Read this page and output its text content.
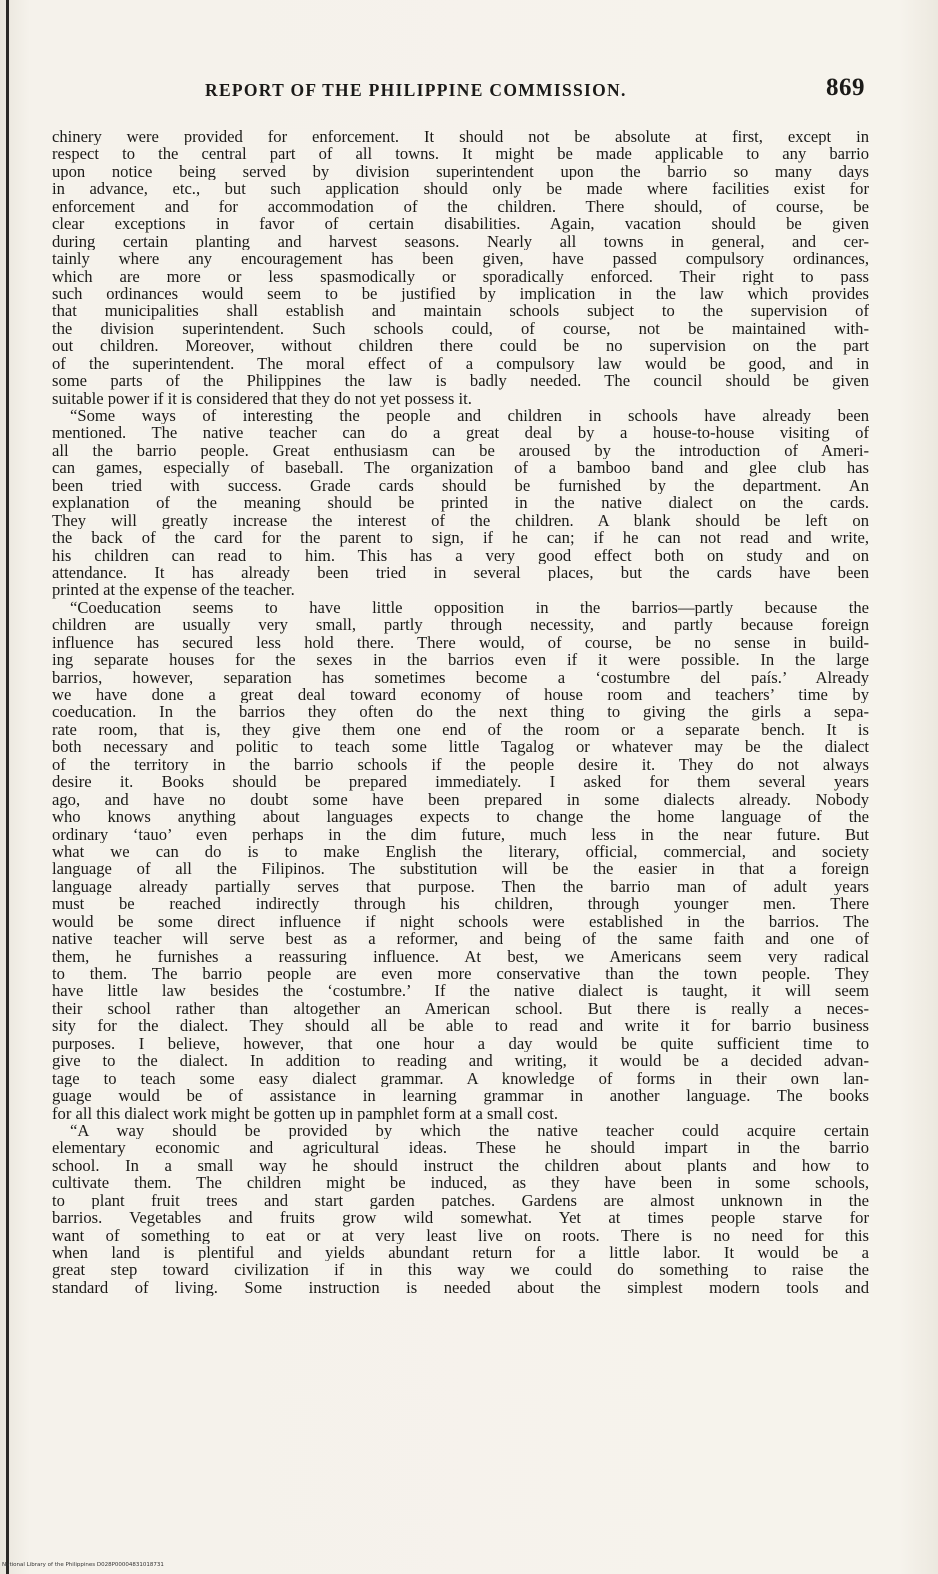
REPORT OF THE PHILIPPINE COMMISSION.	869
chinery were provided for enforcement. It should not be absolute at first, except in
respect to the central part of all towns. It might be made applicable to any barrio
upon notice being served by division superintendent upon the barrio so many days
in advance, etc., but such application should only be made where facilities exist for
enforcement and for accommodation of the children. There should, of course, be
clear exceptions in favor of certain disabilities. Again, vacation should be given
during certain planting and harvest seasons. Nearly all towns in general, and cer-
tainly where any encouragement has been given, have passed compulsory ordinances,
which are more or less spasmodically or sporadically enforced. Their right to pass
such ordinances would seem to be justified by implication in the law which provides
that municipalities shall establish and maintain schools subject to the supervision of
the division superintendent. Such schools could, of course, not be maintained with-
out children. Moreover, without children there could be no supervision on the part
of the superintendent. The moral effect of a compulsory law would be good, and in
some parts of the Philippines the law is badly needed. The council should be given
suitable power if it is considered that they do not yet possess it.
“Some ways of interesting the people and children in schools have already been
mentioned. The native teacher can do a great deal by a house-to-house visiting of
all the barrio people. Great enthusiasm can be aroused by the introduction of Ameri-
can games, especially of baseball. The organization of a bamboo band and glee club has
been tried with success. Grade cards should be furnished by the department. An
explanation of the meaning should be printed in the native dialect on the cards.
They will greatly increase the interest of the children. A blank should be left on
the back of the card for the parent to sign, if he can; if he can not read and write,
his children can read to him. This has a very good effect both on study and on
attendance. It has already been tried in several places, but the cards have been
printed at the expense of the teacher.
“Coeducation seems to have little opposition in the barrios—partly because the
children are usually very small, partly through necessity, and partly because foreign
influence has secured less hold there. There would, of course, be no sense in build-
ing separate houses for the sexes in the barrios even if it were possible. In the large
barrios, however, separation has sometimes become a ‘costumbre del país.’ Already
we have done a great deal toward economy of house room and teachers’ time by
coeducation. In the barrios they often do the next thing to giving the girls a sepa-
rate room, that is, they give them one end of the room or a separate bench. It is
both necessary and politic to teach some little Tagalog or whatever may be the dialect
of the territory in the barrio schools if the people desire it. They do not always
desire it. Books should be prepared immediately. I asked for them several years
ago, and have no doubt some have been prepared in some dialects already. Nobody
who knows anything about languages expects to change the home language of the
ordinary ‘tauo’ even perhaps in the dim future, much less in the near future. But
what we can do is to make English the literary, official, commercial, and society
language of all the Filipinos. The substitution will be the easier in that a foreign
language already partially serves that purpose. Then the barrio man of adult years
must be reached indirectly through his children, through younger men. There
would be some direct influence if night schools were established in the barrios. The
native teacher will serve best as a reformer, and being of the same faith and one of
them, he furnishes a reassuring influence. At best, we Americans seem very radical
to them. The barrio people are even more conservative than the town people. They
have little law besides the ‘costumbre.’ If the native dialect is taught, it will seem
their school rather than altogether an American school. But there is really a neces-
sity for the dialect. They should all be able to read and write it for barrio business
purposes. I believe, however, that one hour a day would be quite sufficient time to
give to the dialect. In addition to reading and writing, it would be a decided advan-
tage to teach some easy dialect grammar. A knowledge of forms in their own lan-
guage would be of assistance in learning grammar in another language. The books
for all this dialect work might be gotten up in pamphlet form at a small cost.
“A way should be provided by which the native teacher could acquire certain
elementary economic and agricultural ideas. These he should impart in the barrio
school. In a small way he should instruct the children about plants and how to
cultivate them. The children might be induced, as they have been in some schools,
to plant fruit trees and start garden patches. Gardens are almost unknown in the
barrios. Vegetables and fruits grow wild somewhat. Yet at times people starve for
want of something to eat or at very least live on roots. There is no need for this
when land is plentiful and yields abundant return for a little labor. It would be a
great step toward civilization if in this way we could do something to raise the
standard of living. Some instruction is needed about the simplest modern tools and
National Library of the Philippines D028P00004831018731
